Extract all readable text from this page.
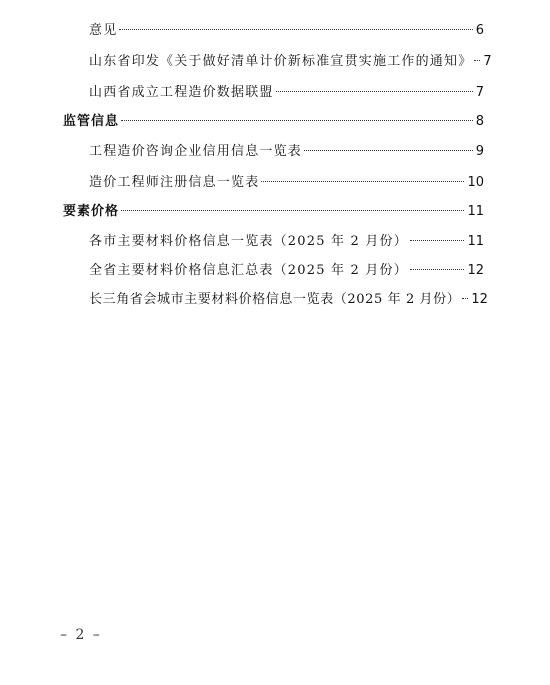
意见	6
山东省印发《关于做好清单计价新标准宣贯实施工作的通知》 7
山西省成立工程造价数据联盟	7
监管信息	8
工程造价咨询企业信用信息一览表	9
造价工程师注册信息一览表	10
要素价格	11
各市主要材料价格信息一览表（2025 年 2 月份）	11
全省主要材料价格信息汇总表（2025 年 2 月份）	12
长三角省会城市主要材料价格信息一览表（2025 年 2 月份） 12
– 2 –
